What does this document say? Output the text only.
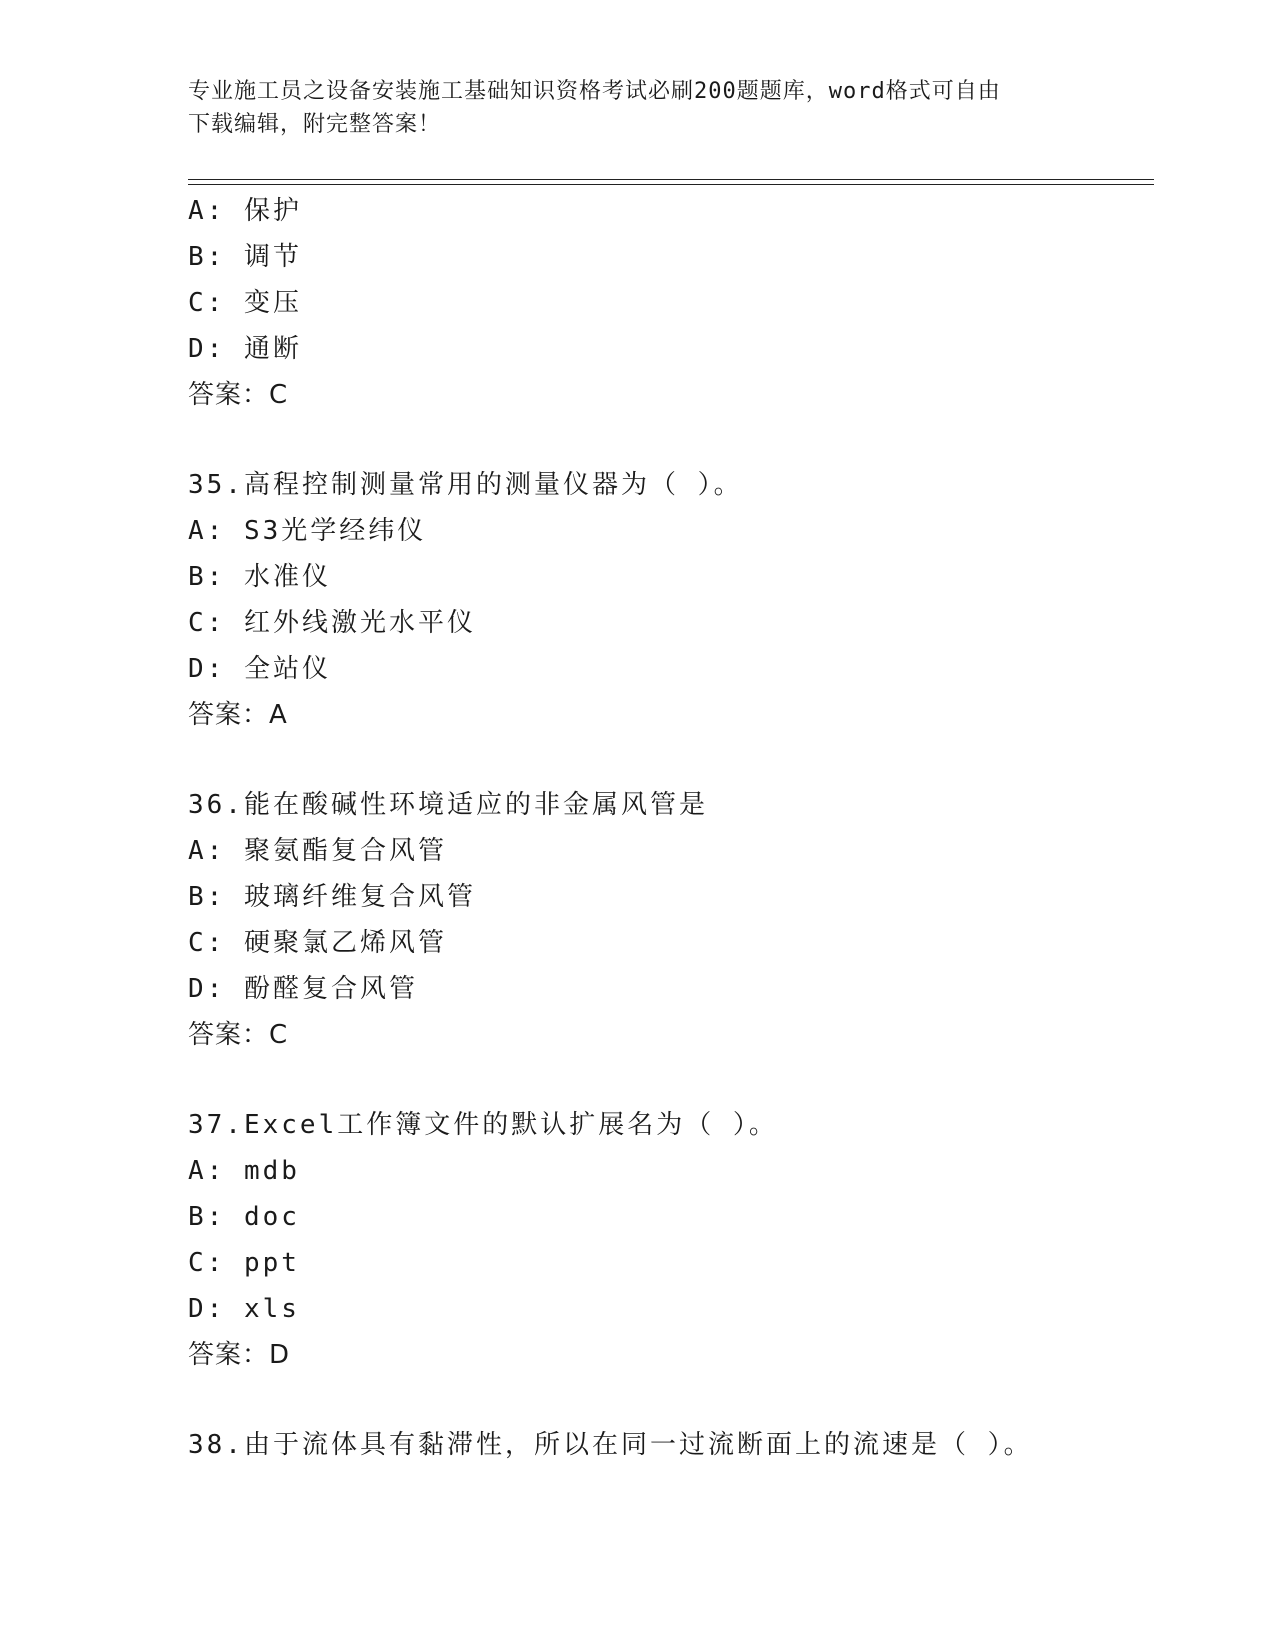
专业施工员之设备安装施工基础知识资格考试必刷200题题库，word格式可自由
下载编辑，附完整答案！
A: 保护
B: 调节
C: 变压
D: 通断
答案：C
35.高程控制测量常用的测量仪器为（ ）。
A: S3光学经纬仪
B: 水准仪
C: 红外线激光水平仪
D: 全站仪
答案：A
36.能在酸碱性环境适应的非金属风管是
A: 聚氨酯复合风管
B: 玻璃纤维复合风管
C: 硬聚氯乙烯风管
D: 酚醛复合风管
答案：C
37.Excel工作簿文件的默认扩展名为（ ）。
A: mdb
B: doc
C: ppt
D: xls
答案：D
38.由于流体具有黏滞性，所以在同一过流断面上的流速是（ ）。
